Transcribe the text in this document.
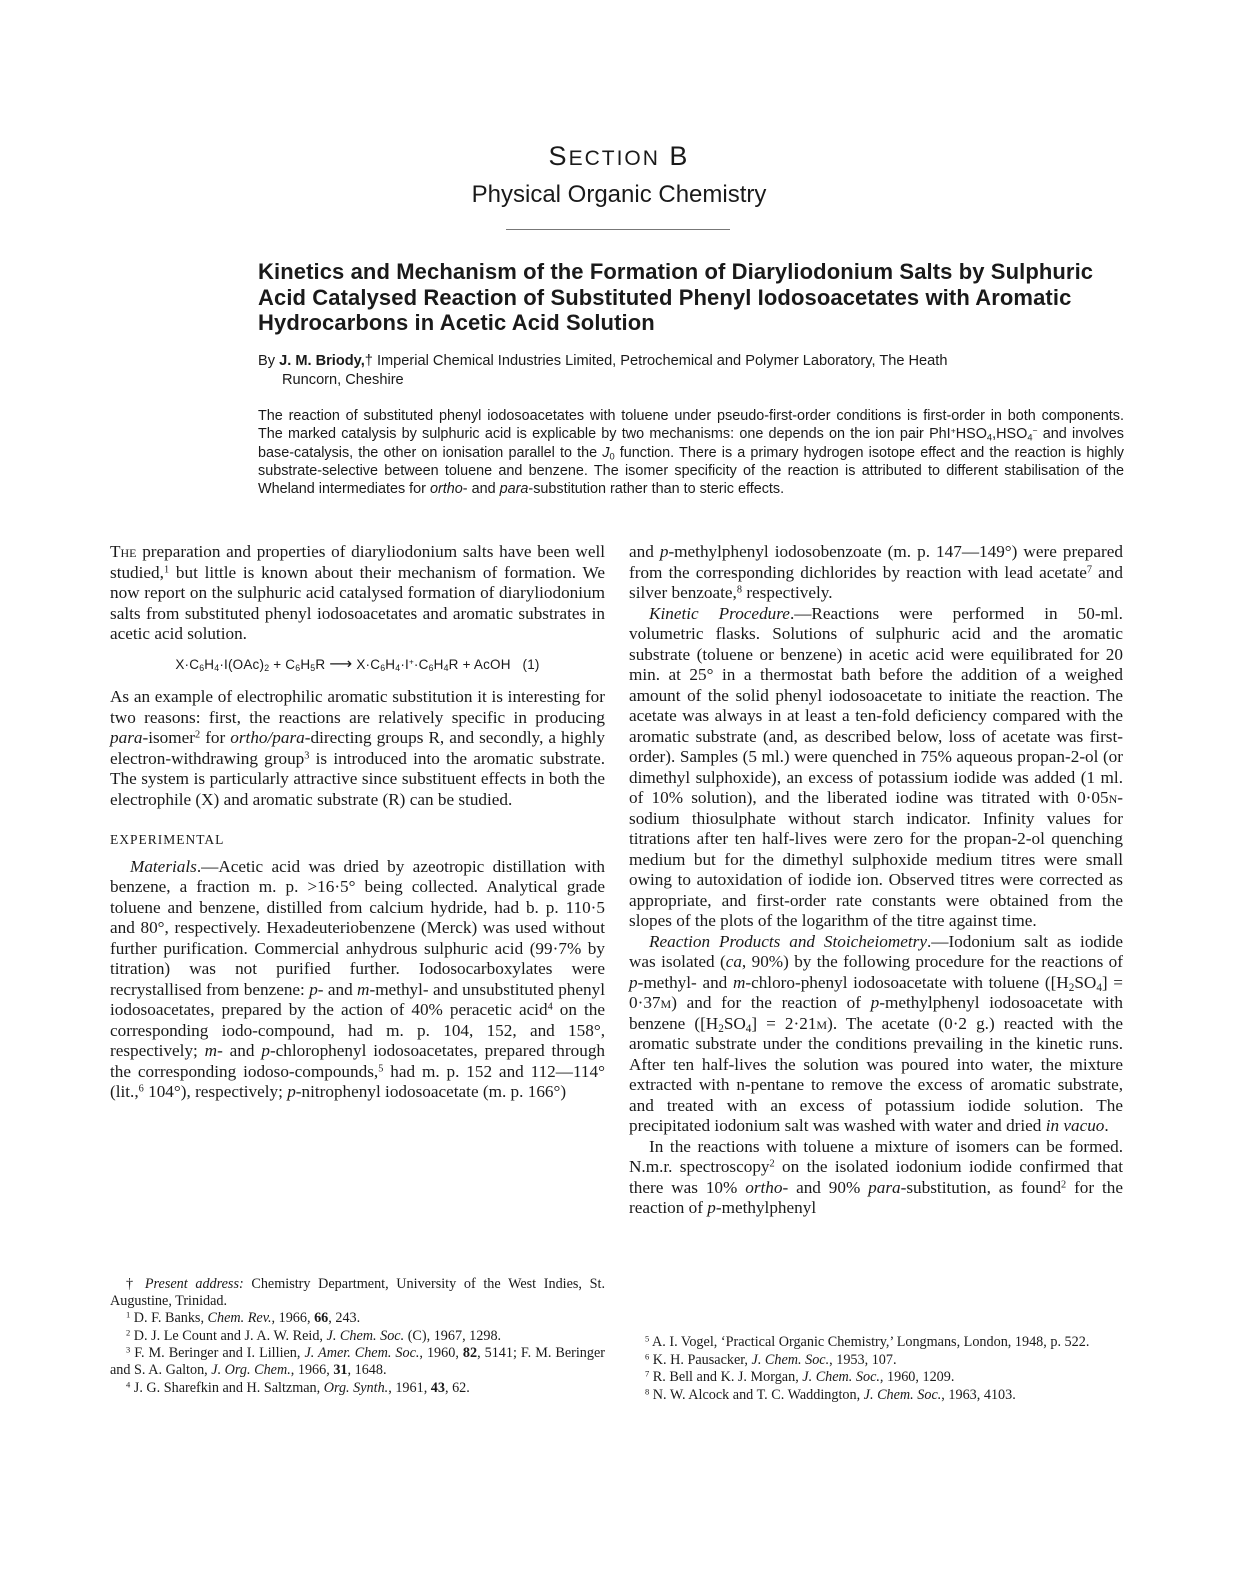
SECTION B
Physical Organic Chemistry
Kinetics and Mechanism of the Formation of Diaryliodonium Salts by Sulphuric Acid Catalysed Reaction of Substituted Phenyl Iodosoacetates with Aromatic Hydrocarbons in Acetic Acid Solution
By J. M. Briody,† Imperial Chemical Industries Limited, Petrochemical and Polymer Laboratory, The Heath
Runcorn, Cheshire
The reaction of substituted phenyl iodosoacetates with toluene under pseudo-first-order conditions is first-order in both components. The marked catalysis by sulphuric acid is explicable by two mechanisms: one depends on the ion pair $PhI^+HSO_4,HSO_4^-$ and involves base-catalysis, the other on ionisation parallel to the $J_0$ function. There is a primary hydrogen isotope effect and the reaction is highly substrate-selective between toluene and benzene. The isomer specificity of the reaction is attributed to different stabilisation of the Wheland intermediates for ortho- and para-substitution rather than to steric effects.

The preparation and properties of diaryliodonium salts have been well studied,$^1$ but little is known about their mechanism of formation. We now report on the sulphuric acid catalysed formation of diaryliodonium salts from substituted phenyl iodosoacetates and aromatic substrates in acetic acid solution.

$X\cdot C_6H_4\cdot I(OAc)_2 + C_6H_5R$ ⟶ $X\cdot C_6H_4\cdot I^+\cdot C_6H_4R$ + AcOH   (1)

As an example of electrophilic aromatic substitution it is interesting for two reasons: first, the reactions are relatively specific in producing para-isomer$^2$ for ortho/para-directing groups R, and secondly, a highly electron-withdrawing group$^3$ is introduced into the aromatic substrate. The system is particularly attractive since substituent effects in both the electrophile (X) and aromatic substrate (R) can be studied.

EXPERIMENTAL

Materials.—Acetic acid was dried by azeotropic distillation with benzene, a fraction m. p. >16·5° being collected. Analytical grade toluene and benzene, distilled from calcium hydride, had b. p. 110·5 and 80°, respectively. Hexadeuteriobenzene (Merck) was used without further purification. Commercial anhydrous sulphuric acid (99·7% by titration) was not purified further. Iodosocarboxylates were recrystallised from benzene: p- and m-methyl- and unsubstituted phenyl iodosoacetates, prepared by the action of 40% peracetic acid$^4$ on the corresponding iodo-compound, had m. p. 104, 152, and 158°, respectively; m- and p-chlorophenyl iodosoacetates, prepared through the corresponding iodoso-compounds,$^5$ had m. p. 152 and 112—114° (lit.,$^6$ 104°), respectively; p-nitrophenyl iodosoacetate (m. p. 166°)

† Present address: Chemistry Department, University of the West Indies, St. Augustine, Trinidad.

$^1$ D. F. Banks, Chem. Rev., 1966, 66, 243.

$^2$ D. J. Le Count and J. A. W. Reid, J. Chem. Soc. (C), 1967, 1298.

$^3$ F. M. Beringer and I. Lillien, J. Amer. Chem. Soc., 1960, 82, 5141; F. M. Beringer and S. A. Galton, J. Org. Chem., 1966, 31, 1648.

$^4$ J. G. Sharefkin and H. Saltzman, Org. Synth., 1961, 43, 62.

and p-methylphenyl iodosobenzoate (m. p. 147—149°) were prepared from the corresponding dichlorides by reaction with lead acetate$^7$ and silver benzoate,$^8$ respectively.

Kinetic Procedure.—Reactions were performed in 50-ml. volumetric flasks. Solutions of sulphuric acid and the aromatic substrate (toluene or benzene) in acetic acid were equilibrated for 20 min. at 25° in a thermostat bath before the addition of a weighed amount of the solid phenyl iodosoacetate to initiate the reaction. The acetate was always in at least a ten-fold deficiency compared with the aromatic substrate (and, as described below, loss of acetate was first-order). Samples (5 ml.) were quenched in 75% aqueous propan-2-ol (or dimethyl sulphoxide), an excess of potassium iodide was added (1 ml. of 10% solution), and the liberated iodine was titrated with 0·05n-sodium thiosulphate without starch indicator. Infinity values for titrations after ten half-lives were zero for the propan-2-ol quenching medium but for the dimethyl sulphoxide medium titres were small owing to autoxidation of iodide ion. Observed titres were corrected as appropriate, and first-order rate constants were obtained from the slopes of the plots of the logarithm of the titre against time.

Reaction Products and Stoicheiometry.—Iodonium salt as iodide was isolated (ca, 90%) by the following procedure for the reactions of p-methyl- and m-chloro-phenyl iodosoacetate with toluene $([H_2SO_4] = 0\cdot 37m)$ and for the reaction of p-methylphenyl iodosoacetate with benzene $([H_2SO_4] = 2\cdot 21m)$. The acetate (0·2 g.) reacted with the aromatic substrate under the conditions prevailing in the kinetic runs. After ten half-lives the solution was poured into water, the mixture extracted with n-pentane to remove the excess of aromatic substrate, and treated with an excess of potassium iodide solution. The precipitated iodonium salt was washed with water and dried in vacuo.

In the reactions with toluene a mixture of isomers can be formed. N.m.r. spectroscopy$^2$ on the isolated iodonium iodide confirmed that there was 10% ortho- and 90% para-substitution, as found$^2$ for the reaction of p-methylphenyl

$^5$ A. I. Vogel, ‘Practical Organic Chemistry,’ Longmans, London, 1948, p. 522.

$^6$ K. H. Pausacker, J. Chem. Soc., 1953, 107.

$^7$ R. Bell and K. J. Morgan, J. Chem. Soc., 1960, 1209.

$^8$ N. W. Alcock and T. C. Waddington, J. Chem. Soc., 1963, 4103.
